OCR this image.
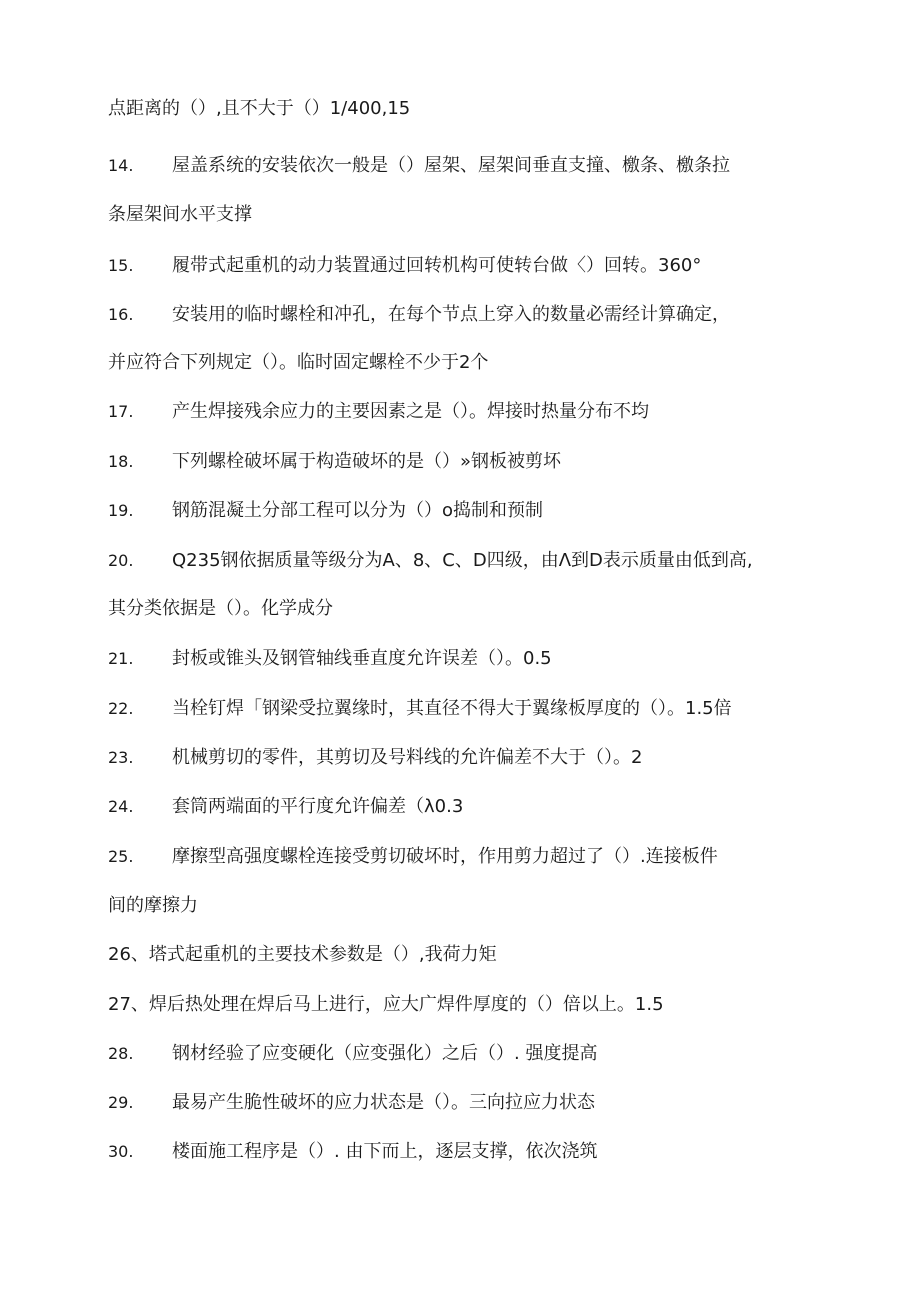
点距离的（）,且不大于（）1/400,15
14. 屋盖系统的安装依次一般是（）屋架、屋架间垂直支撞、檄条、檄条拉
条屋架间水平支撑
15. 履带式起重机的动力装置通过回转机构可使转台做〈）回转。360°
16. 安装用的临时螺栓和冲孔，在每个节点上穿入的数量必需经计算确定，
并应符合下列规定（）。临时固定螺栓不少于2个
17. 产生焊接残余应力的主要因素之是（）。焊接时热量分布不均
18. 下列螺栓破坏属于构造破坏的是（）»钢板被剪坏
19. 钢筋混凝土分部工程可以分为（）o捣制和预制
20. Q235钢依据质量等级分为A、8、C、D四级，由Λ到D表示质量由低到高,
其分类依据是（）。化学成分
21. 封板或锥头及钢管轴线垂直度允许误差（）。0.5
22. 当栓钉焊「钢梁受拉翼缘时，其直径不得大于翼缘板厚度的（）。1.5倍
23. 机械剪切的零件，其剪切及号料线的允许偏差不大于（）。2
24. 套筒两端面的平行度允许偏差（λ0.3
25. 摩擦型高强度螺栓连接受剪切破坏时，作用剪力超过了（）.连接板件
间的摩擦力
26、塔式起重机的主要技术参数是（）,我荷力矩
27、焊后热处理在焊后马上进行，应大广焊件厚度的（）倍以上。1.5
28. 钢材经验了应变硬化（应变强化）之后（）. 强度提高
29. 最易产生脆性破坏的应力状态是（）。三向拉应力状态
30. 楼面施工程序是（）. 由下而上，逐层支撑，依次浇筑
